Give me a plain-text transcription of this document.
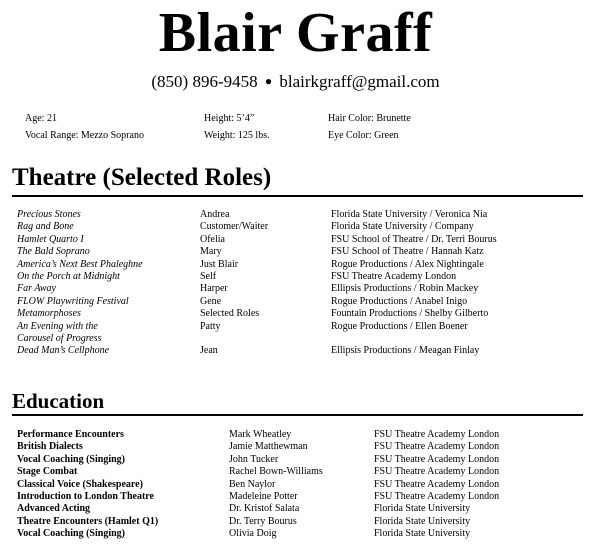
Blair Graff
(850) 896-9458 ● blairkgraff@gmail.com
Age: 21	Height: 5’4”	Hair Color: Brunette
Vocal Range: Mezzo Soprano	Weight: 125 lbs.	Eye Color: Green
Theatre (Selected Roles)
Precious Stones	Andrea	Florida State University / Veronica Nia
Rag and Bone	Customer/Waiter	Florida State University / Company
Hamlet Quarto I	Ofelia	FSU School of Theatre / Dr. Terri Bourus
The Bald Soprano	Mary	FSU School of Theatre / Hannah Katz
America’s Next Best Phaleghne	Just Blair	Rogue Productions / Alex Nightingale
On the Porch at Midnight	Self	FSU Theatre Academy London
Far Away	Harper	Ellipsis Productions / Robin Mackey
FLOW Playwriting Festival	Gene	Rogue Productions / Anabel Inigo
Metamorphoses	Selected Roles	Fountain Productions / Shelby Gilberto
An Evening with the	Patty	Rogue Productions / Ellen Boener
Carousel of Progress
Dead Man’s Cellphone	Jean	Ellipsis Productions / Meagan Finlay
Education
Performance Encounters	Mark Wheatley	FSU Theatre Academy London
British Dialects	Jamie Matthewman	FSU Theatre Academy London
Vocal Coaching (Singing)	John Tucker	FSU Theatre Academy London
Stage Combat	Rachel Bown-Williams	FSU Theatre Academy London
Classical Voice (Shakespeare)	Ben Naylor	FSU Theatre Academy London
Introduction to London Theatre	Madeleine Potter	FSU Theatre Academy London
Advanced Acting	Dr. Kristof Salata	Florida State University
Theatre Encounters (Hamlet Q1)	Dr. Terry Bourus	Florida State University
Vocal Coaching (Singing)	Olivia Doig	Florida State University
